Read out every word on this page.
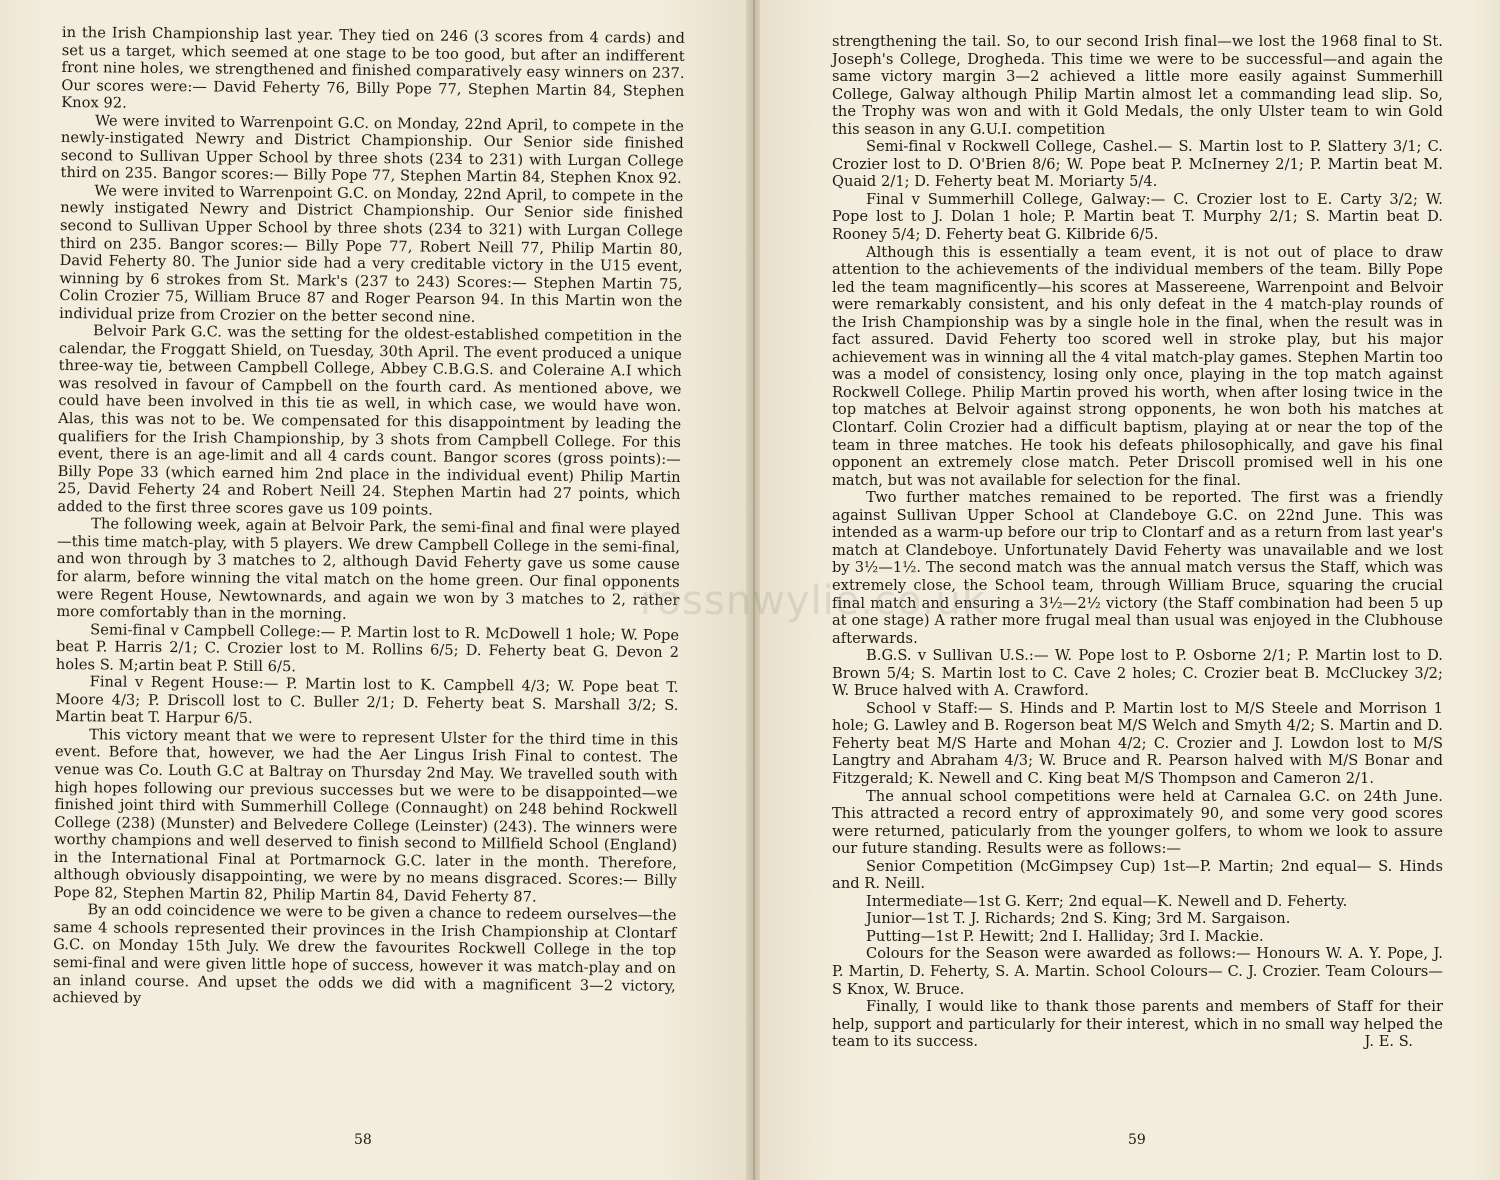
in the Irish Championship last year. They tied on 246 (3 scores from 4 cards) and set us a target, which seemed at one stage to be too good, but after an indifferent front nine holes, we strengthened and finished comparatively easy winners on 237. Our scores were:— David Feherty 76, Billy Pope 77, Stephen Martin 84, Stephen Knox 92.

We were invited to Warrenpoint G.C. on Monday, 22nd April, to compete in the newly-instigated Newry and District Championship. Our Senior side finished second to Sullivan Upper School by three shots (234 to 231) with Lurgan College third on 235. Bangor scores:— Billy Pope 77, Stephen Martin 84, Stephen Knox 92.

We were invited to Warrenpoint G.C. on Monday, 22nd April, to compete in the newly instigated Newry and District Championship. Our Senior side finished second to Sullivan Upper School by three shots (234 to 321) with Lurgan College third on 235. Bangor scores:— Billy Pope 77, Robert Neill 77, Philip Martin 80, David Feherty 80. The Junior side had a very creditable victory in the U15 event, winning by 6 strokes from St. Mark's (237 to 243) Scores:— Stephen Martin 75, Colin Crozier 75, William Bruce 87 and Roger Pearson 94. In this Martin won the individual prize from Crozier on the better second nine.

Belvoir Park G.C. was the setting for the oldest-established competition in the calendar, the Froggatt Shield, on Tuesday, 30th April. The event produced a unique three-way tie, between Campbell College, Abbey C.B.G.S. and Coleraine A.I which was resolved in favour of Campbell on the fourth card. As mentioned above, we could have been involved in this tie as well, in which case, we would have won. Alas, this was not to be. We compensated for this disappointment by leading the qualifiers for the Irish Championship, by 3 shots from Campbell College. For this event, there is an age-limit and all 4 cards count. Bangor scores (gross points):— Billy Pope 33 (which earned him 2nd place in the individual event) Philip Martin 25, David Feherty 24 and Robert Neill 24. Stephen Martin had 27 points, which added to the first three scores gave us 109 points.

The following week, again at Belvoir Park, the semi-final and final were played—this time match-play, with 5 players. We drew Campbell College in the semi-final, and won through by 3 matches to 2, although David Feherty gave us some cause for alarm, before winning the vital match on the home green. Our final opponents were Regent House, Newtownards, and again we won by 3 matches to 2, rather more comfortably than in the morning.

Semi-final v Campbell College:— P. Martin lost to R. McDowell 1 hole; W. Pope beat P. Harris 2/1; C. Crozier lost to M. Rollins 6/5; D. Feherty beat G. Devon 2 holes S. M;artin beat P. Still 6/5.

Final v Regent House:— P. Martin lost to K. Campbell 4/3; W. Pope beat T. Moore 4/3; P. Driscoll lost to C. Buller 2/1; D. Feherty beat S. Marshall 3/2; S. Martin beat T. Harpur 6/5.

This victory meant that we were to represent Ulster for the third time in this event. Before that, however, we had the Aer Lingus Irish Final to contest. The venue was Co. Louth G.C at Baltray on Thursday 2nd May. We travelled south with high hopes following our previous successes but we were to be disappointed—we finished joint third with Summerhill College (Connaught) on 248 behind Rockwell College (238) (Munster) and Belvedere College (Leinster) (243). The winners were worthy champions and well deserved to finish second to Millfield School (England) in the International Final at Portmarnock G.C. later in the month. Therefore, although obviously disappointing, we were by no means disgraced. Scores:— Billy Pope 82, Stephen Martin 82, Philip Martin 84, David Feherty 87.

By an odd coincidence we were to be given a chance to redeem ourselves—the same 4 schools represented their provinces in the Irish Championship at Clontarf G.C. on Monday 15th July. We drew the favourites Rockwell College in the top semi-final and were given little hope of success, however it was match-play and on an inland course. And upset the odds we did with a magnificent 3—2 victory, achieved by

58

strengthening the tail. So, to our second Irish final—we lost the 1968 final to St. Joseph's College, Drogheda. This time we were to be successful—and again the same victory margin 3—2 achieved a little more easily against Summerhill College, Galway although Philip Martin almost let a commanding lead slip. So, the Trophy was won and with it Gold Medals, the only Ulster team to win Gold this season in any G.U.I. competition

Semi-final v Rockwell College, Cashel.— S. Martin lost to P. Slattery 3/1; C. Crozier lost to D. O'Brien 8/6; W. Pope beat P. McInerney 2/1; P. Martin beat M. Quaid 2/1; D. Feherty beat M. Moriarty 5/4.

Final v Summerhill College, Galway:— C. Crozier lost to E. Carty 3/2; W. Pope lost to J. Dolan 1 hole; P. Martin beat T. Murphy 2/1; S. Martin beat D. Rooney 5/4; D. Feherty beat G. Kilbride 6/5.

Although this is essentially a team event, it is not out of place to draw attention to the achievements of the individual members of the team. Billy Pope led the team magnificently—his scores at Massereene, Warrenpoint and Belvoir were remarkably consistent, and his only defeat in the 4 match-play rounds of the Irish Championship was by a single hole in the final, when the result was in fact assured. David Feherty too scored well in stroke play, but his major achievement was in winning all the 4 vital match-play games. Stephen Martin too was a model of consistency, losing only once, playing in the top match against Rockwell College. Philip Martin proved his worth, when after losing twice in the top matches at Belvoir against strong opponents, he won both his matches at Clontarf. Colin Crozier had a difficult baptism, playing at or near the top of the team in three matches. He took his defeats philosophically, and gave his final opponent an extremely close match. Peter Driscoll promised well in his one match, but was not available for selection for the final.

Two further matches remained to be reported. The first was a friendly against Sullivan Upper School at Clandeboye G.C. on 22nd June. This was intended as a warm-up before our trip to Clontarf and as a return from last year's match at Clandeboye. Unfortunately David Feherty was unavailable and we lost by 3½—1½. The second match was the annual match versus the Staff, which was extremely close, the School team, through William Bruce, squaring the crucial final match and ensuring a 3½—2½ victory (the Staff combination had been 5 up at one stage) A rather more frugal meal than usual was enjoyed in the Clubhouse afterwards.

B.G.S. v Sullivan U.S.:— W. Pope lost to P. Osborne 2/1; P. Martin lost to D. Brown 5/4; S. Martin lost to C. Cave 2 holes; C. Crozier beat B. McCluckey 3/2; W. Bruce halved with A. Crawford.

School v Staff:— S. Hinds and P. Martin lost to M/S Steele and Morrison 1 hole; G. Lawley and B. Rogerson beat M/S Welch and Smyth 4/2; S. Martin and D. Feherty beat M/S Harte and Mohan 4/2; C. Crozier and J. Lowdon lost to M/S Langtry and Abraham 4/3; W. Bruce and R. Pearson halved with M/S Bonar and Fitzgerald; K. Newell and C. King beat M/S Thompson and Cameron 2/1.

The annual school competitions were held at Carnalea G.C. on 24th June. This attracted a record entry of approximately 90, and some very good scores were returned, paticularly from the younger golfers, to whom we look to assure our future standing. Results were as follows:—

Senior Competition (McGimpsey Cup) 1st—P. Martin; 2nd equal— S. Hinds and R. Neill.

Intermediate—1st G. Kerr; 2nd equal—K. Newell and D. Feherty.

Junior—1st T. J. Richards; 2nd S. King; 3rd M. Sargaison.

Putting—1st P. Hewitt; 2nd I. Halliday; 3rd I. Mackie.

Colours for the Season were awarded as follows:— Honours W. A. Y. Pope, J. P. Martin, D. Feherty, S. A. Martin. School Colours— C. J. Crozier. Team Colours—S Knox, W. Bruce.

Finally, I would like to thank those parents and members of Staff for their help, support and particularly for their interest, which in no small way helped the team to its success.	J. E. S.

59
